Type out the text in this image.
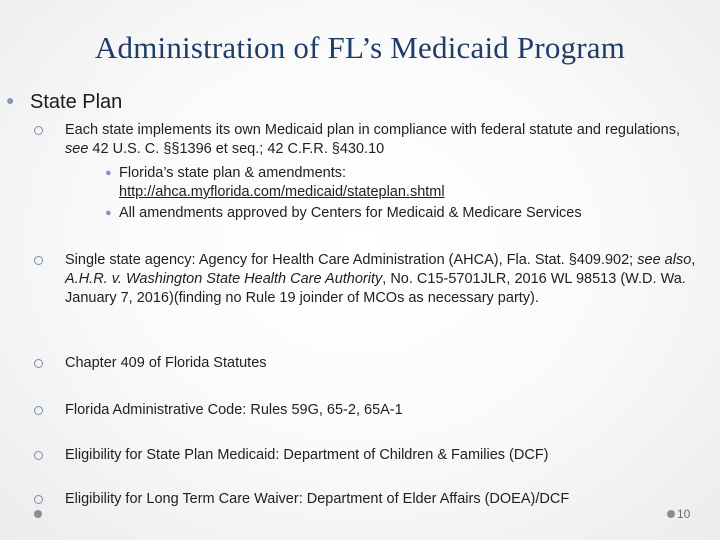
Administration of FL’s Medicaid Program
● State Plan
Each state implements its own Medicaid plan in compliance with federal statute and regulations, see 42 U.S. C. §§1396 et seq.; 42 C.F.R. §430.10
● Florida’s state plan & amendments:
http://ahca.myflorida.com/medicaid/stateplan.shtml
● All amendments approved by Centers for Medicaid & Medicare Services
Single state agency: Agency for Health Care Administration (AHCA), Fla. Stat. §409.902; see also, A.H.R. v. Washington State Health Care Authority, No. C15-5701JLR, 2016 WL 98513 (W.D. Wa. January 7, 2016)(finding no Rule 19 joinder of MCOs as necessary party).
Chapter 409 of Florida Statutes
Florida Administrative Code: Rules 59G, 65-2, 65A-1
Eligibility for State Plan Medicaid: Department of Children & Families (DCF)
Eligibility for Long Term Care Waiver: Department of Elder Affairs (DOEA)/DCF
10
